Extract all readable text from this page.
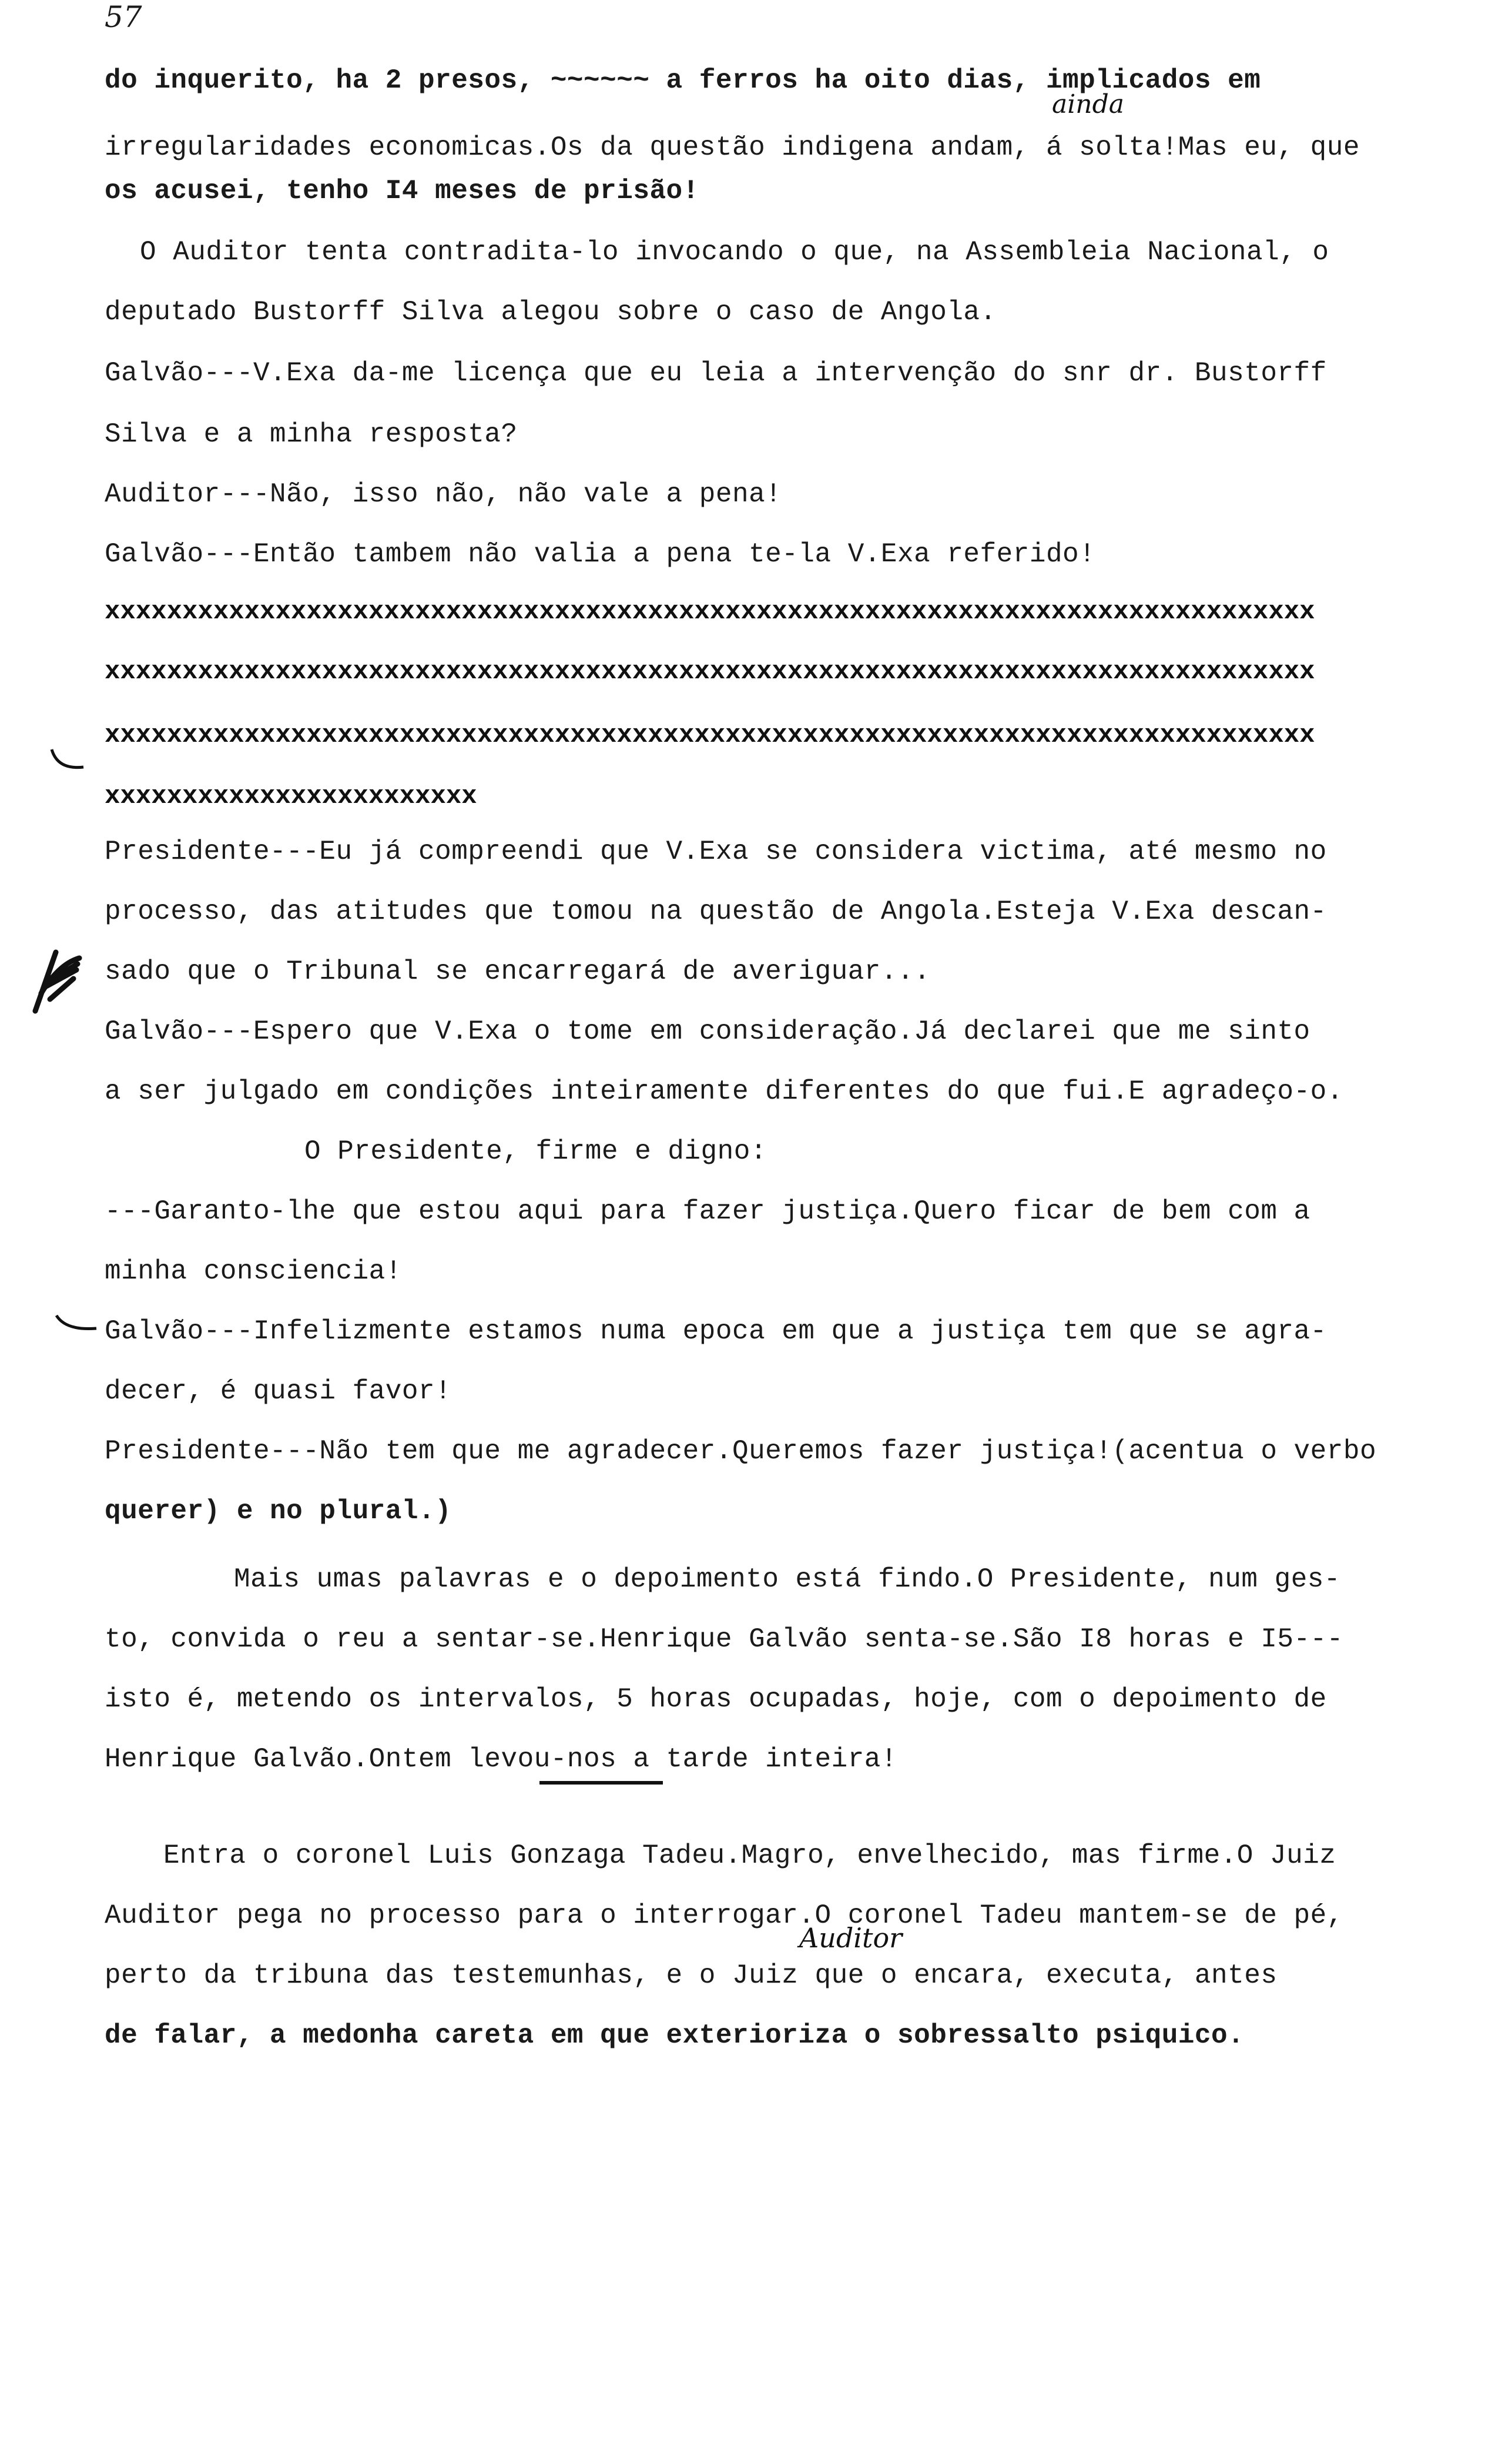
57
do inquerito, ha 2 presos, ~~~~~~ a ferros ha oito dias, implicados em
ainda
irregularidades economicas.Os da questão indigena andam, á solta!Mas eu, que
os acusei, tenho I4 meses de prisão!
O Auditor tenta contradita-lo invocando o que, na Assembleia Nacional, o
deputado Bustorff Silva alegou sobre o caso de Angola.
Galvão---V.Exa da-me licença que eu leia a intervenção do snr dr. Bustorff
Silva e a minha resposta?
Auditor---Não, isso não, não vale a pena!
Galvão---Então tambem não valia a pena te-la V.Exa referido!
xxxxxxxxxxxxxxxxxxxxxxxxxxxxxxxxxxxxxxxxxxxxxxxxxxxxxxxxxxxxxxxxxxxxxxxxxxxxxx
xxxxxxxxxxxxxxxxxxxxxxxxxxxxxxxxxxxxxxxxxxxxxxxxxxxxxxxxxxxxxxxxxxxxxxxxxxxxxx
xxxxxxxxxxxxxxxxxxxxxxxxxxxxxxxxxxxxxxxxxxxxxxxxxxxxxxxxxxxxxxxxxxxxxxxxxxxxxx
xxxxxxxxxxxxxxxxxxxxxxxx
Presidente---Eu já compreendi que V.Exa se considera victima, até mesmo no
processo, das atitudes que tomou na questão de Angola.Esteja V.Exa descan-
sado que o Tribunal se encarregará de averiguar...
Galvão---Espero que V.Exa o tome em consideração.Já declarei que me sinto
a ser julgado em condições inteiramente diferentes do que fui.E agradeço-o.
O Presidente, firme e digno:
---Garanto-lhe que estou aqui para fazer justiça.Quero ficar de bem com a
minha consciencia!
Galvão---Infelizmente estamos numa epoca em que a justiça tem que se agra-
decer, é quasi favor!
Presidente---Não tem que me agradecer.Queremos fazer justiça!(acentua o verbo
querer) e no plural.)
Mais umas palavras e o depoimento está findo.O Presidente, num ges-
to, convida o reu a sentar-se.Henrique Galvão senta-se.São I8 horas e I5---
isto é, metendo os intervalos, 5 horas ocupadas, hoje, com o depoimento de
Henrique Galvão.Ontem levou-nos a tarde inteira!
Entra o coronel Luis Gonzaga Tadeu.Magro, envelhecido, mas firme.O Juiz
Auditor pega no processo para o interrogar.O coronel Tadeu mantem-se de pé,
Auditor
perto da tribuna das testemunhas, e o Juiz que o encara, executa, antes
de falar, a medonha careta em que exterioriza o sobressalto psiquico.
